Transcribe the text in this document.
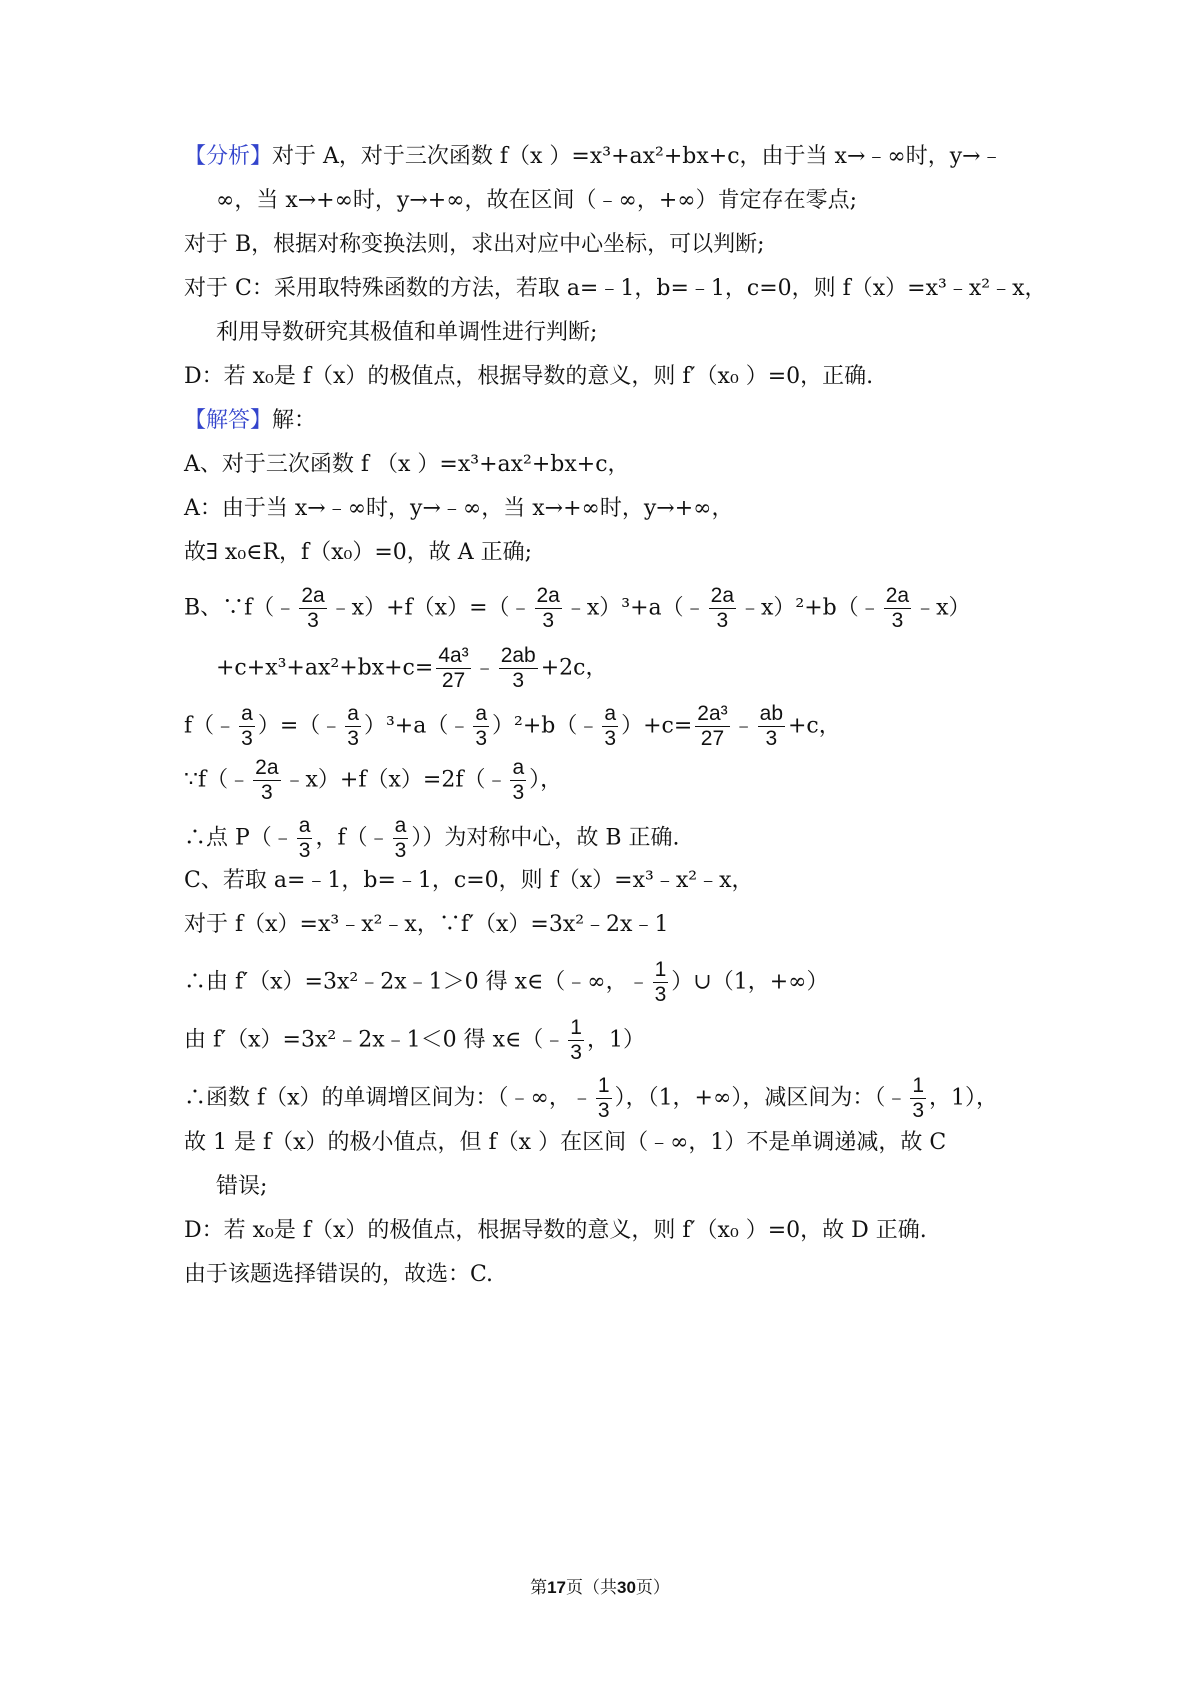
【分析】对于 A，对于三次函数 f（x ）=x³+ax²+bx+c，由于当 x→﹣∞时，y→﹣
∞，当 x→+∞时，y→+∞，故在区间（﹣∞，+∞）肯定存在零点;
对于 B，根据对称变换法则，求出对应中心坐标，可以判断;
对于 C：采用取特殊函数的方法，若取 a=﹣1，b=﹣1，c=0，则 f（x）=x³﹣x²﹣x，
利用导数研究其极值和单调性进行判断;
D：若 x₀是 f（x）的极值点，根据导数的意义，则 f′（x₀ ）=0，正确.
【解答】解：
A、对于三次函数 f （x ）=x³+ax²+bx+c，
A：由于当 x→﹣∞时，y→﹣∞，当 x→+∞时，y→+∞，
故∃ x₀∈R，f（x₀）=0，故 A 正确;
B、∵f（﹣ $\frac{2a}{3}$ ﹣x）+f（x）=（﹣ $\frac{2a}{3}$ ﹣x）³+a（﹣ $\frac{2a}{3}$ ﹣x）²+b（﹣ $\frac{2a}{3}$ ﹣x）
$+c+x^3+ax^2+bx+c= \frac{\text{4a³}}{27}$ ﹣ $\frac{2ab}{3} +2c$，
f（﹣ $\frac{a}{3}$ ）=（﹣ $\frac{a}{3}$ ）³+a（﹣ $\frac{a}{3}$ ）²+b（﹣ $\frac{a}{3} )+c= \frac{\text{2a³}}{27}$ ﹣ $\frac{ab}{3} +c$，
∵f（﹣ $\frac{2a}{3}$ ﹣x）+f（x）=2f（﹣ $\frac{a}{3}$ ），
∴点 P（﹣ $\frac{a}{3}$ ，f（﹣ $\frac{a}{3}$ ））为对称中心，故 B 正确.
C、若取 a=﹣1，b=﹣1，c=0，则 f（x）=x³﹣x²﹣x，
对于 f（x）=x³﹣x²﹣x，∵f′（x）=3x²﹣2x﹣1
∴由 f′（x）=3x²﹣2x﹣1＞0 得 x∈（﹣∞，﹣ $\frac{1}{3}$ ）∪（1，+∞）
由 f′（x）=3x²﹣2x﹣1＜0 得 x∈（﹣ $\frac{1}{3}$ ，1）
∴函数 f（x）的单调增区间为：（﹣∞，﹣ $\frac{1}{3}$ ），（1，+∞），减区间为：（﹣ $\frac{1}{3}$ ，1），
故 1 是 f（x）的极小值点，但 f（x ）在区间（﹣∞，1）不是单调递减，故 C
错误;
D：若 x₀是 f（x）的极值点，根据导数的意义，则 f′（x₀ ）=0，故 D 正确.
由于该题选择错误的，故选：C.
第17页（共30页）
